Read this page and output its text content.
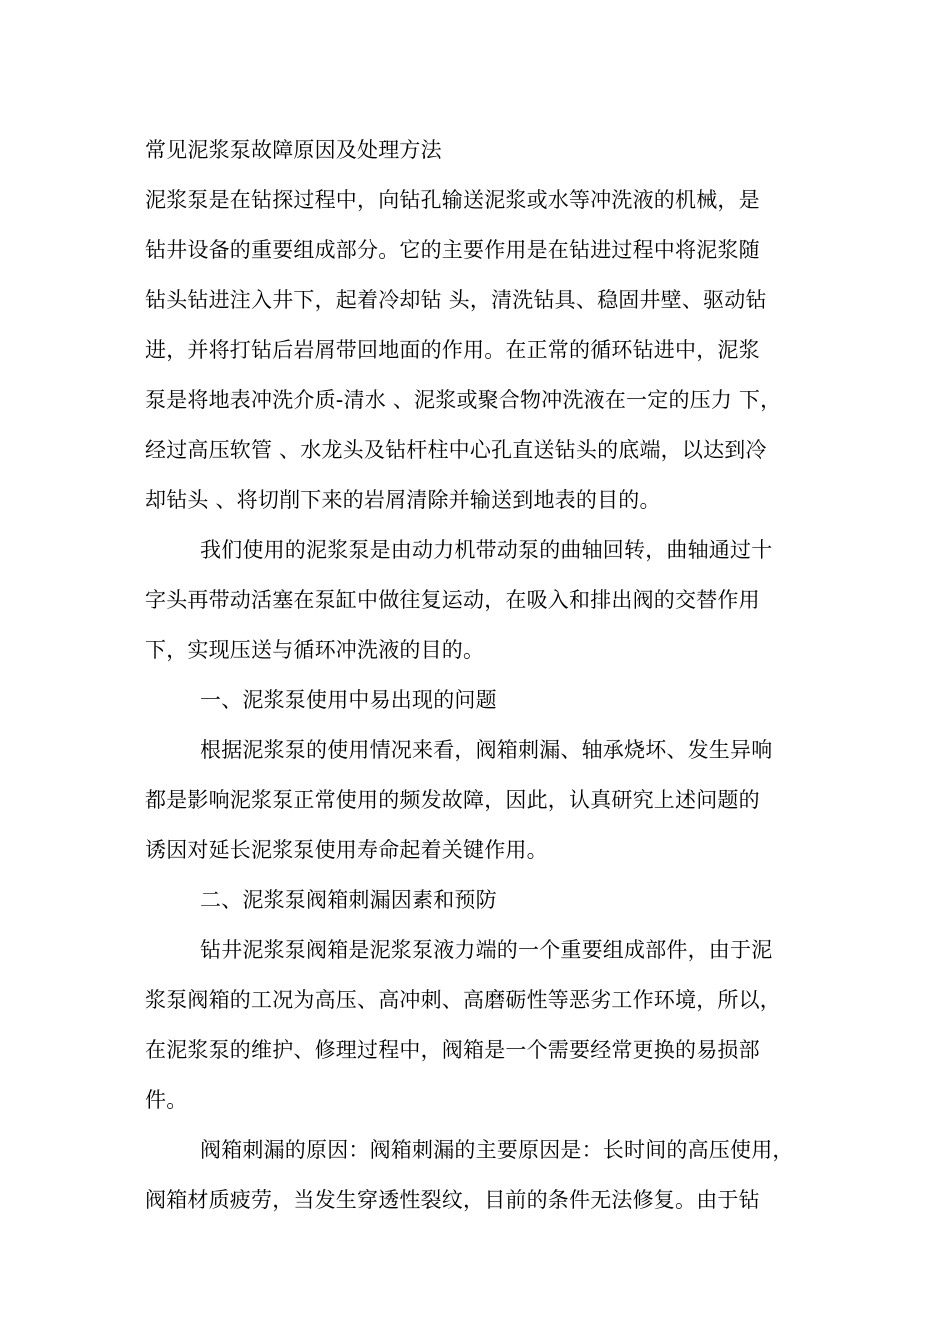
常见泥浆泵故障原因及处理方法
泥浆泵是在钻探过程中，向钻孔输送泥浆或水等冲洗液的机械，是
钻井设备的重要组成部分。它的主要作用是在钻进过程中将泥浆随
钻头钻进注入井下，起着冷却钻 头，清洗钻具、稳固井壁、驱动钻
进，并将打钻后岩屑带回地面的作用。在正常的循环钻进中，泥浆
泵是将地表冲洗介质-清水 、泥浆或聚合物冲洗液在一定的压力 下，
经过高压软管 、水龙头及钻杆柱中心孔直送钻头的底端，以达到冷
却钻头 、将切削下来的岩屑清除并输送到地表的目的。
我们使用的泥浆泵是由动力机带动泵的曲轴回转，曲轴通过十
字头再带动活塞在泵缸中做往复运动，在吸入和排出阀的交替作用
下，实现压送与循环冲洗液的目的。
一、泥浆泵使用中易出现的问题
根据泥浆泵的使用情况来看，阀箱刺漏、轴承烧坏、发生异响
都是影响泥浆泵正常使用的频发故障，因此，认真研究上述问题的
诱因对延长泥浆泵使用寿命起着关键作用。
二、泥浆泵阀箱刺漏因素和预防
钻井泥浆泵阀箱是泥浆泵液力端的一个重要组成部件，由于泥
浆泵阀箱的工况为高压、高冲刺、高磨砺性等恶劣工作环境，所以，
在泥浆泵的维护、修理过程中，阀箱是一个需要经常更换的易损部
件。
阀箱刺漏的原因：阀箱刺漏的主要原因是：长时间的高压使用，
阀箱材质疲劳，当发生穿透性裂纹，目前的条件无法修复。由于钻
